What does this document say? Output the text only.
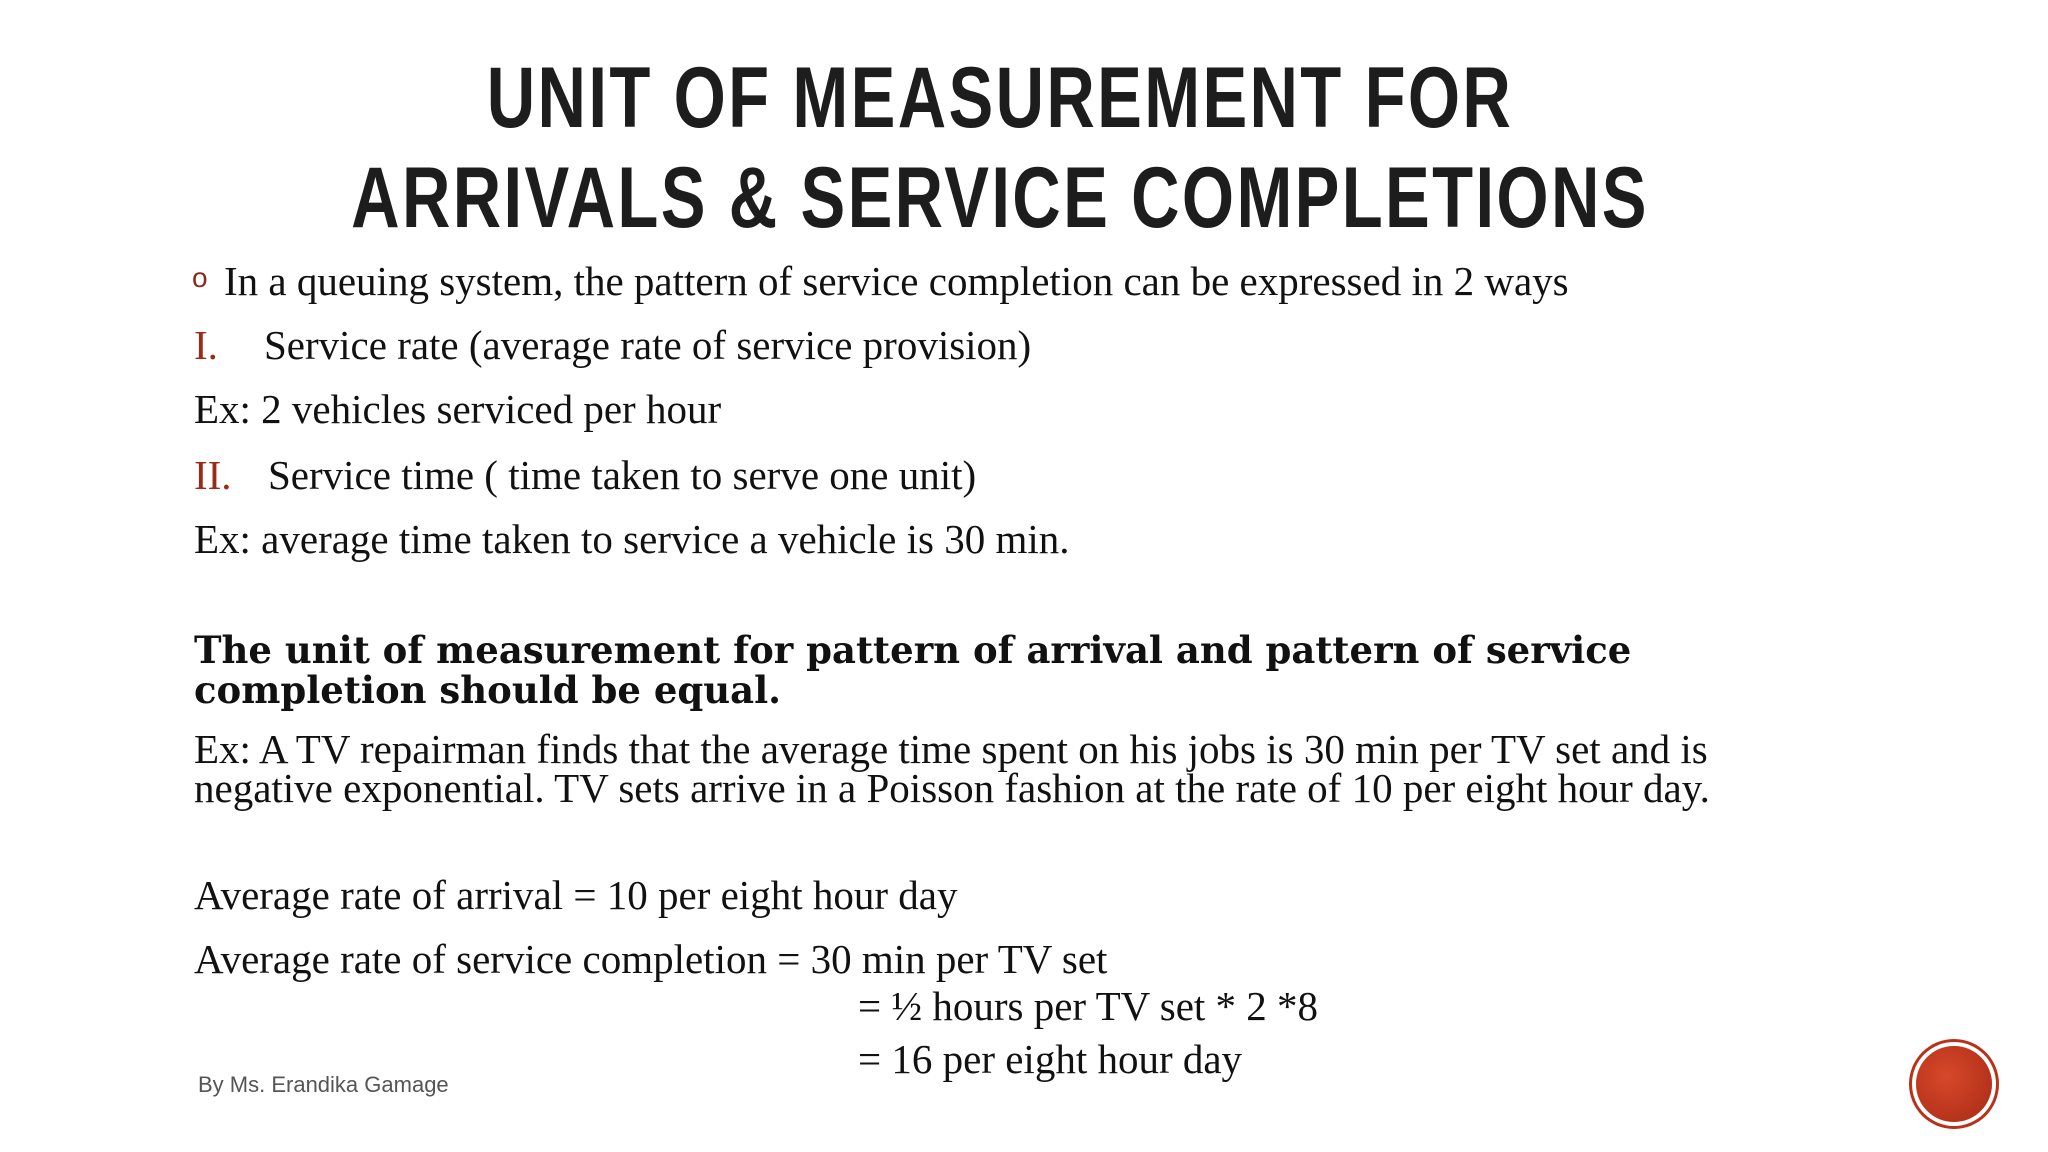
UNIT OF MEASUREMENT FOR ARRIVALS & SERVICE COMPLETIONS
o In a queuing system, the pattern of service completion can be expressed in 2 ways
I. Service rate (average rate of service provision)
Ex: 2 vehicles serviced per hour
II. Service time ( time taken to serve one unit)
Ex: average time taken to service a vehicle is 30 min.
The unit of measurement for pattern of arrival and pattern of service completion should be equal.
Ex: A TV repairman finds that the average time spent on his jobs is 30 min per TV set and is negative exponential. TV sets arrive in a Poisson fashion at the rate of 10 per eight hour day.
Average rate of arrival = 10 per eight hour day
Average rate of service completion = 30 min per TV set
= ½ hours per TV set * 2 *8
= 16 per eight hour day
By Ms. Erandika Gamage
